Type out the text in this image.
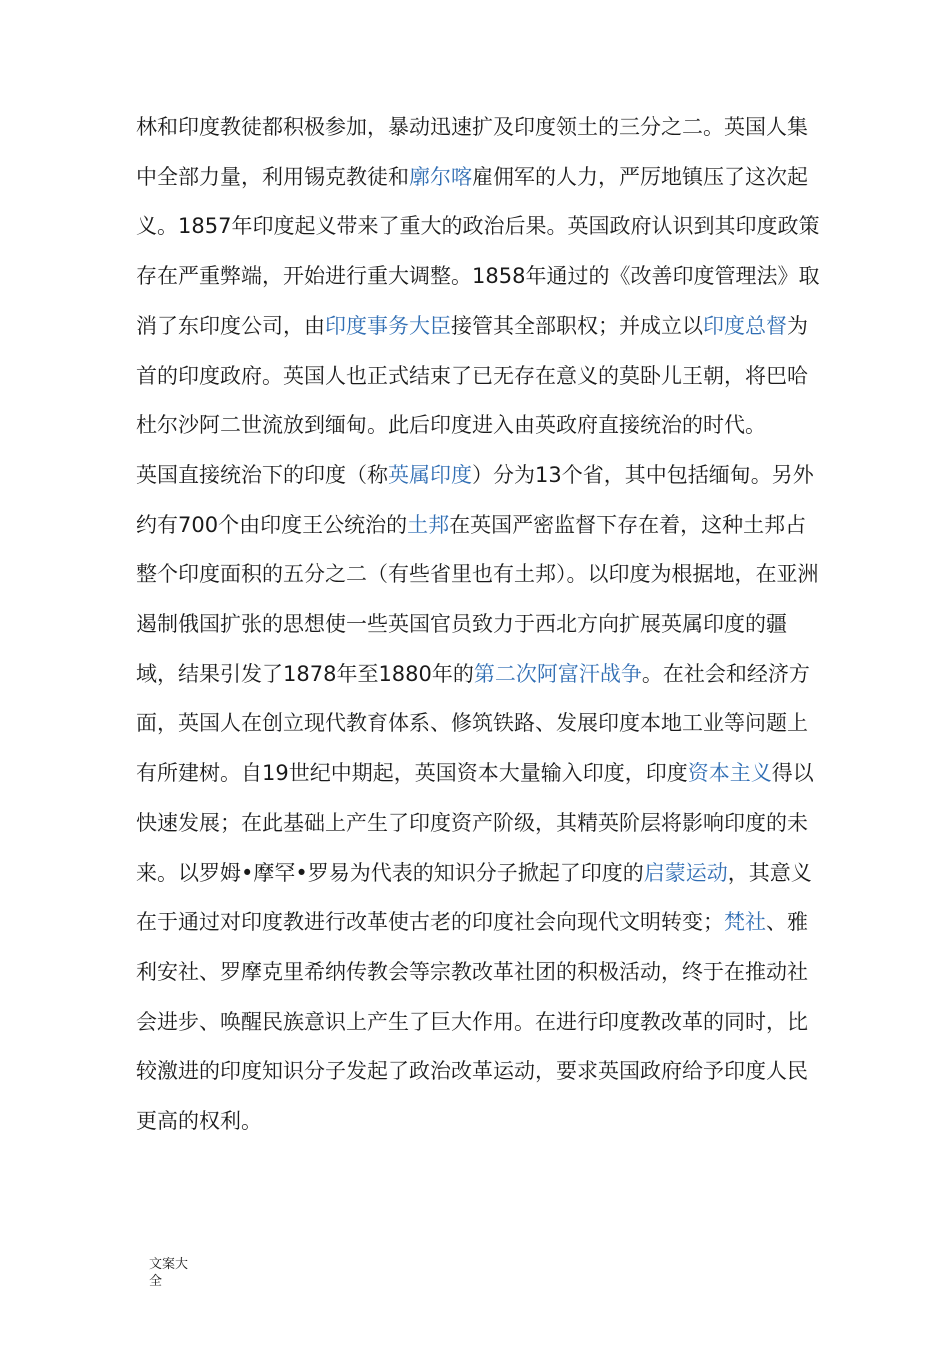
林和印度教徒都积极参加，暴动迅速扩及印度领土的三分之二。英国人集中全部力量，利用锡克教徒和廓尔喀雇佣军的人力，严厉地镇压了这次起义。1857年印度起义带来了重大的政治后果。英国政府认识到其印度政策存在严重弊端，开始进行重大调整。1858年通过的《改善印度管理法》取消了东印度公司，由印度事务大臣接管其全部职权；并成立以印度总督为首的印度政府。英国人也正式结束了已无存在意义的莫卧儿王朝，将巴哈杜尔沙阿二世流放到缅甸。此后印度进入由英政府直接统治的时代。

英国直接统治下的印度（称英属印度）分为13个省，其中包括缅甸。另外约有700个由印度王公统治的土邦在英国严密监督下存在着，这种土邦占整个印度面积的五分之二（有些省里也有土邦）。以印度为根据地，在亚洲遏制俄国扩张的思想使一些英国官员致力于西北方向扩展英属印度的疆域，结果引发了1878年至1880年的第二次阿富汗战争。在社会和经济方面，英国人在创立现代教育体系、修筑铁路、发展印度本地工业等问题上有所建树。自19世纪中期起，英国资本大量输入印度，印度资本主义得以快速发展；在此基础上产生了印度资产阶级，其精英阶层将影响印度的未来。以罗姆•摩罕•罗易为代表的知识分子掀起了印度的启蒙运动，其意义在于通过对印度教进行改革使古老的印度社会向现代文明转变；梵社、雅利安社、罗摩克里希纳传教会等宗教改革社团的积极活动，终于在推动社会进步、唤醒民族意识上产生了巨大作用。在进行印度教改革的同时，比较激进的印度知识分子发起了政治改革运动，要求英国政府给予印度人民更高的权利。

文案大全
